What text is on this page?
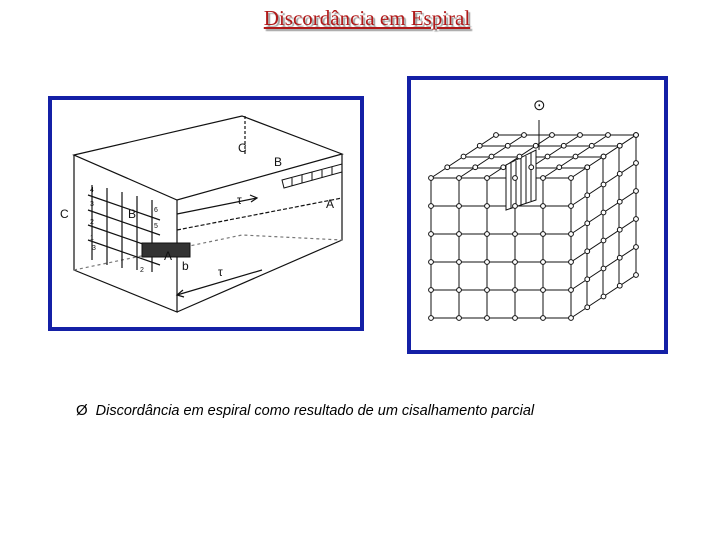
Discordância em Espiral
C
B
C
A
B
A
b
τ
τ
4
3
2
1
6
5
3
2
⊙
Ø Discordância em espiral como resultado de um cisalhamento parcial
